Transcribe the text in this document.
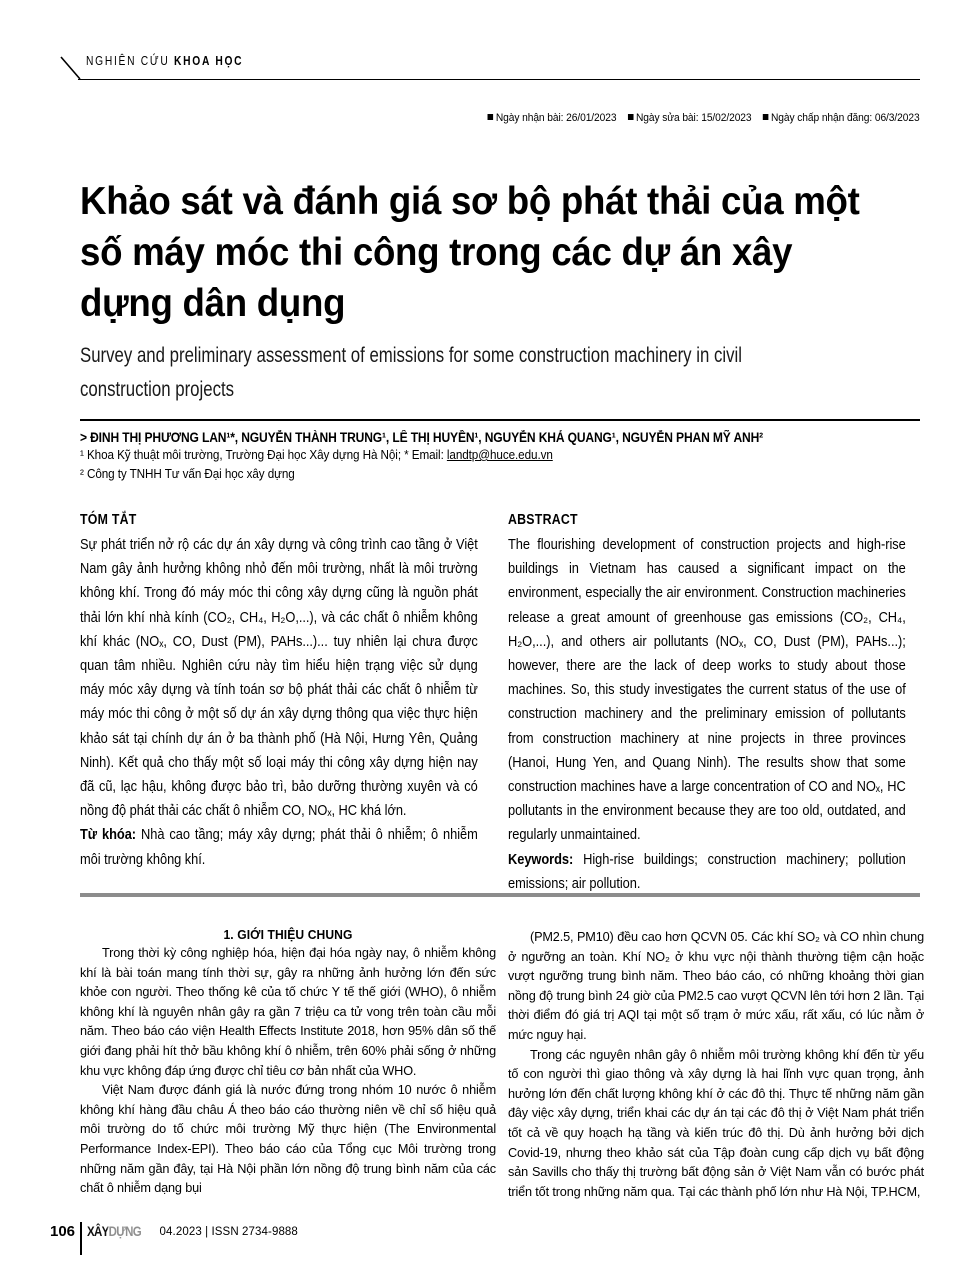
NGHIÊN CỨU KHOA HỌC
Ngày nhận bài: 26/01/2023 Ngày sửa bài: 15/02/2023 Ngày chấp nhận đăng: 06/3/2023
Khảo sát và đánh giá sơ bộ phát thải của một số máy móc thi công trong các dự án xây dựng dân dụng
Survey and preliminary assessment of emissions for some construction machinery in civil construction projects
> ĐINH THỊ PHƯƠNG LAN¹*, NGUYỄN THÀNH TRUNG¹, LÊ THỊ HUYỀN¹, NGUYỄN KHẢ QUANG¹, NGUYỄN PHAN MỸ ANH²
¹ Khoa Kỹ thuật môi trường, Trường Đại học Xây dựng Hà Nội; * Email: landtp@huce.edu.vn
² Công ty TNHH Tư vấn Đại học xây dựng
TÓM TẮT

Sự phát triển nở rộ các dự án xây dựng và công trình cao tầng ở Việt Nam gây ảnh hưởng không nhỏ đến môi trường, nhất là môi trường không khí. Trong đó máy móc thi công xây dựng cũng là nguồn phát thải lớn khí nhà kính (CO₂, CH₄, H₂O,...), và các chất ô nhiễm không khí khác (NOₓ, CO, Dust (PM), PAHs...)... tuy nhiên lại chưa được quan tâm nhiều. Nghiên cứu này tìm hiểu hiện trạng việc sử dụng máy móc xây dựng và tính toán sơ bộ phát thải các chất ô nhiễm từ máy móc thi công ở một số dự án xây dựng thông qua việc thực hiện khảo sát tại chính dự án ở ba thành phố (Hà Nội, Hưng Yên, Quảng Ninh). Kết quả cho thấy một số loại máy thi công xây dựng hiện nay đã cũ, lạc hậu, không được bảo trì, bảo dưỡng thường xuyên và có nồng độ phát thải các chất ô nhiễm CO, NOₓ, HC khá lớn.

Từ khóa: Nhà cao tầng; máy xây dựng; phát thải ô nhiễm; ô nhiễm môi trường không khí.

ABSTRACT

The flourishing development of construction projects and high-rise buildings in Vietnam has caused a significant impact on the environment, especially the air environment. Construction machineries release a great amount of greenhouse gas emissions (CO₂, CH₄, H₂O,...), and others air pollutants (NOₓ, CO, Dust (PM), PAHs...); however, there are the lack of deep works to study about those machines. So, this study investigates the current status of the use of construction machinery and the preliminary emission of pollutants from construction machinery at nine projects in three provinces (Hanoi, Hung Yen, and Quang Ninh). The results show that some construction machines have a large concentration of CO and NOₓ, HC pollutants in the environment because they are too old, outdated, and regularly unmaintained.

Keywords: High-rise buildings; construction machinery; pollution emissions; air pollution.

1. GIỚI THIỆU CHUNG

Trong thời kỳ công nghiệp hóa, hiện đại hóa ngày nay, ô nhiễm không khí là bài toán mang tính thời sự, gây ra những ảnh hưởng lớn đến sức khỏe con người. Theo thống kê của tố chức Y tế thế giới (WHO), ô nhiễm không khí là nguyên nhân gây ra gần 7 triệu ca tử vong trên toàn cầu mỗi năm. Theo báo cáo viện Health Effects Institute 2018, hơn 95% dân số thế giới đang phải hít thở bầu không khí ô nhiễm, trên 60% phải sống ở những khu vực không đáp ứng được chỉ tiêu cơ bản nhất của WHO.

Việt Nam được đánh giá là nước đứng trong nhóm 10 nước ô nhiễm không khí hàng đầu châu Á theo báo cáo thường niên về chỉ số hiệu quả môi trường do tố chức môi trường Mỹ thực hiện (The Environmental Performance Index-EPI). Theo báo cáo của Tổng cục Môi trường trong những năm gần đây, tại Hà Nội phần lớn nồng độ trung bình năm của các chất ô nhiễm dạng bụi

(PM2.5, PM10) đều cao hơn QCVN 05. Các khí SO₂ và CO nhìn chung ở ngưỡng an toàn. Khí NO₂ ở khu vực nội thành thường tiệm cận hoặc vượt ngưỡng trung bình năm. Theo báo cáo, có những khoảng thời gian nồng độ trung bình 24 giờ của PM2.5 cao vượt QCVN lên tới hơn 2 lần. Tại thời điểm đó giá trị AQI tại một số trạm ở mức xấu, rất xấu, có lúc nằm ở mức nguy hại.

Trong các nguyên nhân gây ô nhiễm môi trường không khí đến từ yếu tố con người thì giao thông và xây dựng là hai lĩnh vực quan trọng, ảnh hưởng lớn đến chất lượng không khí ở các đô thị. Thực tế những năm gần đây việc xây dựng, triển khai các dự án tại các đô thị ở Việt Nam phát triển tốt cả về quy hoạch hạ tầng và kiến trúc đô thị. Dù ảnh hưởng bởi dịch Covid-19, nhưng theo khảo sát của Tập đoàn cung cấp dịch vụ bất động sản Savills cho thấy thị trường bất động sản ở Việt Nam vẫn có bước phát triển tốt trong những năm qua. Tại các thành phố lớn như Hà Nội, TP.HCM,

106 XÂYDỰNG 04.2023 | ISSN 2734-9888
